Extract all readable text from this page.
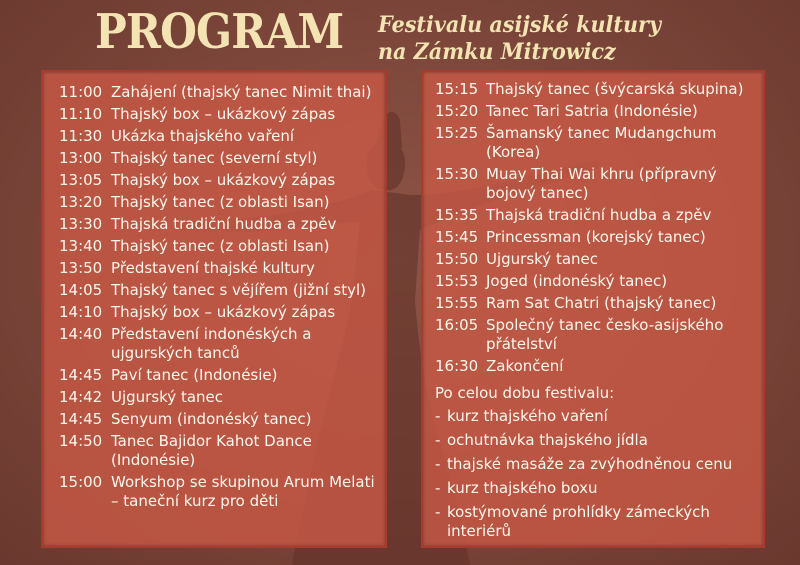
PROGRAM Festivalu asijské kultury
na Zámku Mitrowicz
11:00 Zahájení (thajský tanec Nimit thai)
11:10 Thajský box – ukázkový zápas
11:30 Ukázka thajského vaření
13:00 Thajský tanec (severní styl)
13:05 Thajský box – ukázkový zápas
13:20 Thajský tanec (z oblasti Isan)
13:30 Thajská tradiční hudba a zpěv
13:40 Thajský tanec (z oblasti Isan)
13:50 Představení thajské kultury
14:05 Thajský tanec s vějířem (jižní styl)
14:10 Thajský box – ukázkový zápas
14:40 Představení indonéských a ujgurských tanců
14:45 Paví tanec (Indonésie)
14:42 Ujgurský tanec
14:45 Senyum (indonéský tanec)
14:50 Tanec Bajidor Kahot Dance (Indonésie)
15:00 Workshop se skupinou Arum Melati – taneční kurz pro děti
15:15 Thajský tanec (švýcarská skupina)
15:20 Tanec Tari Satria (Indonésie)
15:25 Šamanský tanec Mudangchum (Korea)
15:30 Muay Thai Wai khru (přípravný bojový tanec)
15:35 Thajská tradiční hudba a zpěv
15:45 Princessman (korejský tanec)
15:50 Ujgurský tanec
15:53 Joged (indonéský tanec)
15:55 Ram Sat Chatri (thajský tanec)
16:05 Společný tanec česko-asijského přátelství
16:30 Zakončení
Po celou dobu festivalu:
- kurz thajského vaření
- ochutnávka thajského jídla
- thajské masáže za zvýhodněnou cenu
- kurz thajského boxu
- kostýmované prohlídky zámeckých interiérů
